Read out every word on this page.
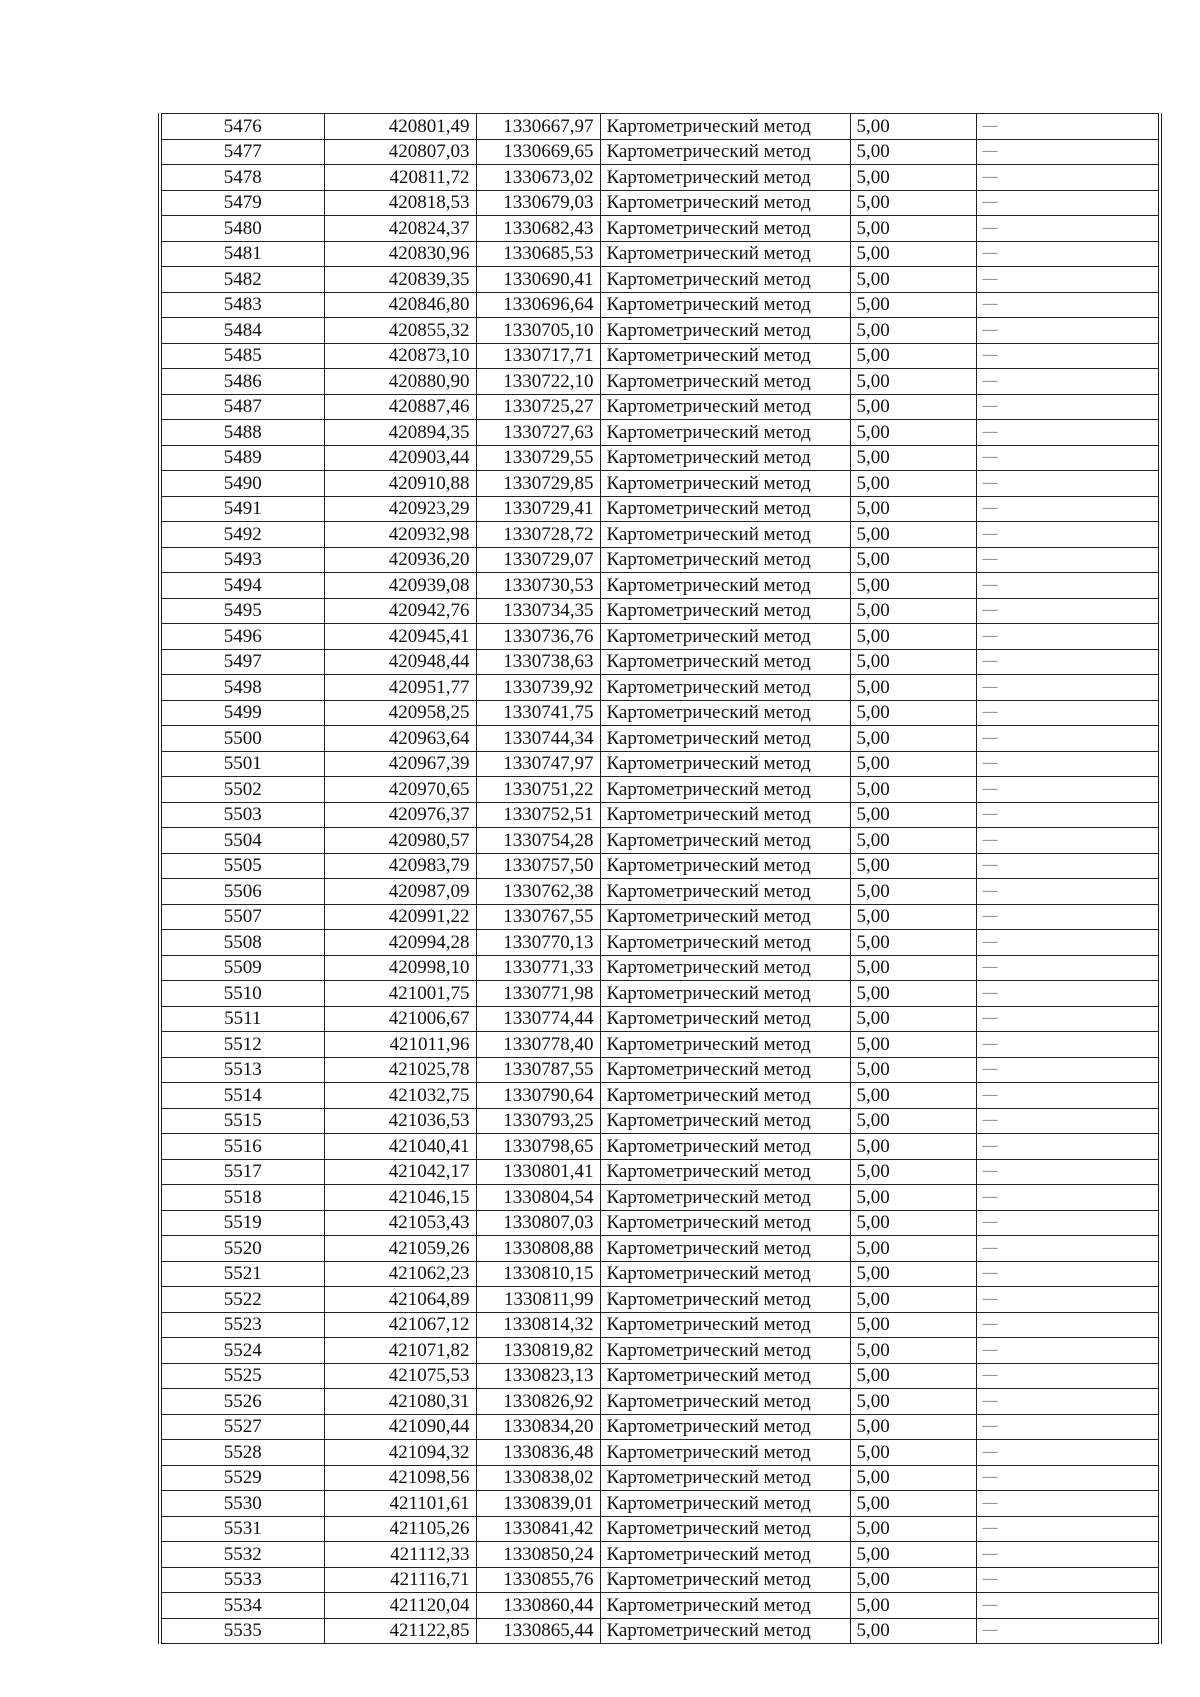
5476	420801,49	1330667,97	Картометрический метод	5,00	—
5477	420807,03	1330669,65	Картометрический метод	5,00	—
5478	420811,72	1330673,02	Картометрический метод	5,00	—
5479	420818,53	1330679,03	Картометрический метод	5,00	—
5480	420824,37	1330682,43	Картометрический метод	5,00	—
5481	420830,96	1330685,53	Картометрический метод	5,00	—
5482	420839,35	1330690,41	Картометрический метод	5,00	—
5483	420846,80	1330696,64	Картометрический метод	5,00	—
5484	420855,32	1330705,10	Картометрический метод	5,00	—
5485	420873,10	1330717,71	Картометрический метод	5,00	—
5486	420880,90	1330722,10	Картометрический метод	5,00	—
5487	420887,46	1330725,27	Картометрический метод	5,00	—
5488	420894,35	1330727,63	Картометрический метод	5,00	—
5489	420903,44	1330729,55	Картометрический метод	5,00	—
5490	420910,88	1330729,85	Картометрический метод	5,00	—
5491	420923,29	1330729,41	Картометрический метод	5,00	—
5492	420932,98	1330728,72	Картометрический метод	5,00	—
5493	420936,20	1330729,07	Картометрический метод	5,00	—
5494	420939,08	1330730,53	Картометрический метод	5,00	—
5495	420942,76	1330734,35	Картометрический метод	5,00	—
5496	420945,41	1330736,76	Картометрический метод	5,00	—
5497	420948,44	1330738,63	Картометрический метод	5,00	—
5498	420951,77	1330739,92	Картометрический метод	5,00	—
5499	420958,25	1330741,75	Картометрический метод	5,00	—
5500	420963,64	1330744,34	Картометрический метод	5,00	—
5501	420967,39	1330747,97	Картометрический метод	5,00	—
5502	420970,65	1330751,22	Картометрический метод	5,00	—
5503	420976,37	1330752,51	Картометрический метод	5,00	—
5504	420980,57	1330754,28	Картометрический метод	5,00	—
5505	420983,79	1330757,50	Картометрический метод	5,00	—
5506	420987,09	1330762,38	Картометрический метод	5,00	—
5507	420991,22	1330767,55	Картометрический метод	5,00	—
5508	420994,28	1330770,13	Картометрический метод	5,00	—
5509	420998,10	1330771,33	Картометрический метод	5,00	—
5510	421001,75	1330771,98	Картометрический метод	5,00	—
5511	421006,67	1330774,44	Картометрический метод	5,00	—
5512	421011,96	1330778,40	Картометрический метод	5,00	—
5513	421025,78	1330787,55	Картометрический метод	5,00	—
5514	421032,75	1330790,64	Картометрический метод	5,00	—
5515	421036,53	1330793,25	Картометрический метод	5,00	—
5516	421040,41	1330798,65	Картометрический метод	5,00	—
5517	421042,17	1330801,41	Картометрический метод	5,00	—
5518	421046,15	1330804,54	Картометрический метод	5,00	—
5519	421053,43	1330807,03	Картометрический метод	5,00	—
5520	421059,26	1330808,88	Картометрический метод	5,00	—
5521	421062,23	1330810,15	Картометрический метод	5,00	—
5522	421064,89	1330811,99	Картометрический метод	5,00	—
5523	421067,12	1330814,32	Картометрический метод	5,00	—
5524	421071,82	1330819,82	Картометрический метод	5,00	—
5525	421075,53	1330823,13	Картометрический метод	5,00	—
5526	421080,31	1330826,92	Картометрический метод	5,00	—
5527	421090,44	1330834,20	Картометрический метод	5,00	—
5528	421094,32	1330836,48	Картометрический метод	5,00	—
5529	421098,56	1330838,02	Картометрический метод	5,00	—
5530	421101,61	1330839,01	Картометрический метод	5,00	—
5531	421105,26	1330841,42	Картометрический метод	5,00	—
5532	421112,33	1330850,24	Картометрический метод	5,00	—
5533	421116,71	1330855,76	Картометрический метод	5,00	—
5534	421120,04	1330860,44	Картометрический метод	5,00	—
5535	421122,85	1330865,44	Картометрический метод	5,00	—
